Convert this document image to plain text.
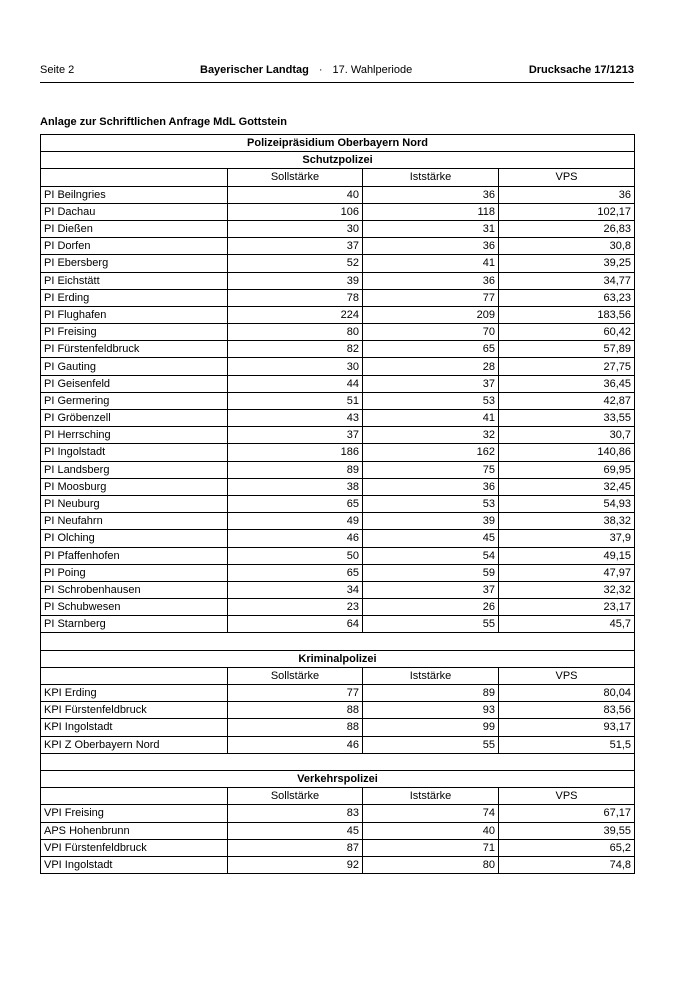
Seite 2	Bayerischer Landtag · 17. Wahlperiode	Drucksache 17/1213
Anlage zur Schriftlichen Anfrage MdL Gottstein
Polizeipräsidium Oberbayern Nord			
Schutzpolizei			
	Sollstärke	Iststärke	VPS
PI Beilngries	40	36	36
PI Dachau	106	118	102,17
PI Dießen	30	31	26,83
PI Dorfen	37	36	30,8
PI Ebersberg	52	41	39,25
PI Eichstätt	39	36	34,77
PI Erding	78	77	63,23
PI Flughafen	224	209	183,56
PI Freising	80	70	60,42
PI Fürstenfeldbruck	82	65	57,89
PI Gauting	30	28	27,75
PI Geisenfeld	44	37	36,45
PI Germering	51	53	42,87
PI Gröbenzell	43	41	33,55
PI Herrsching	37	32	30,7
PI Ingolstadt	186	162	140,86
PI Landsberg	89	75	69,95
PI Moosburg	38	36	32,45
PI Neuburg	65	53	54,93
PI Neufahrn	49	39	38,32
PI Olching	46	45	37,9
PI Pfaffenhofen	50	54	49,15
PI Poing	65	59	47,97
PI Schrobenhausen	34	37	32,32
PI Schubwesen	23	26	23,17
PI Starnberg	64	55	45,7

Kriminalpolizei			
	Sollstärke	Iststärke	VPS
KPI Erding	77	89	80,04
KPI Fürstenfeldbruck	88	93	83,56
KPI Ingolstadt	88	99	93,17
KPI Z Oberbayern Nord	46	55	51,5

Verkehrspolizei			
	Sollstärke	Iststärke	VPS
VPI Freising	83	74	67,17
APS Hohenbrunn	45	40	39,55
VPI Fürstenfeldbruck	87	71	65,2
VPI Ingolstadt	92	80	74,8
